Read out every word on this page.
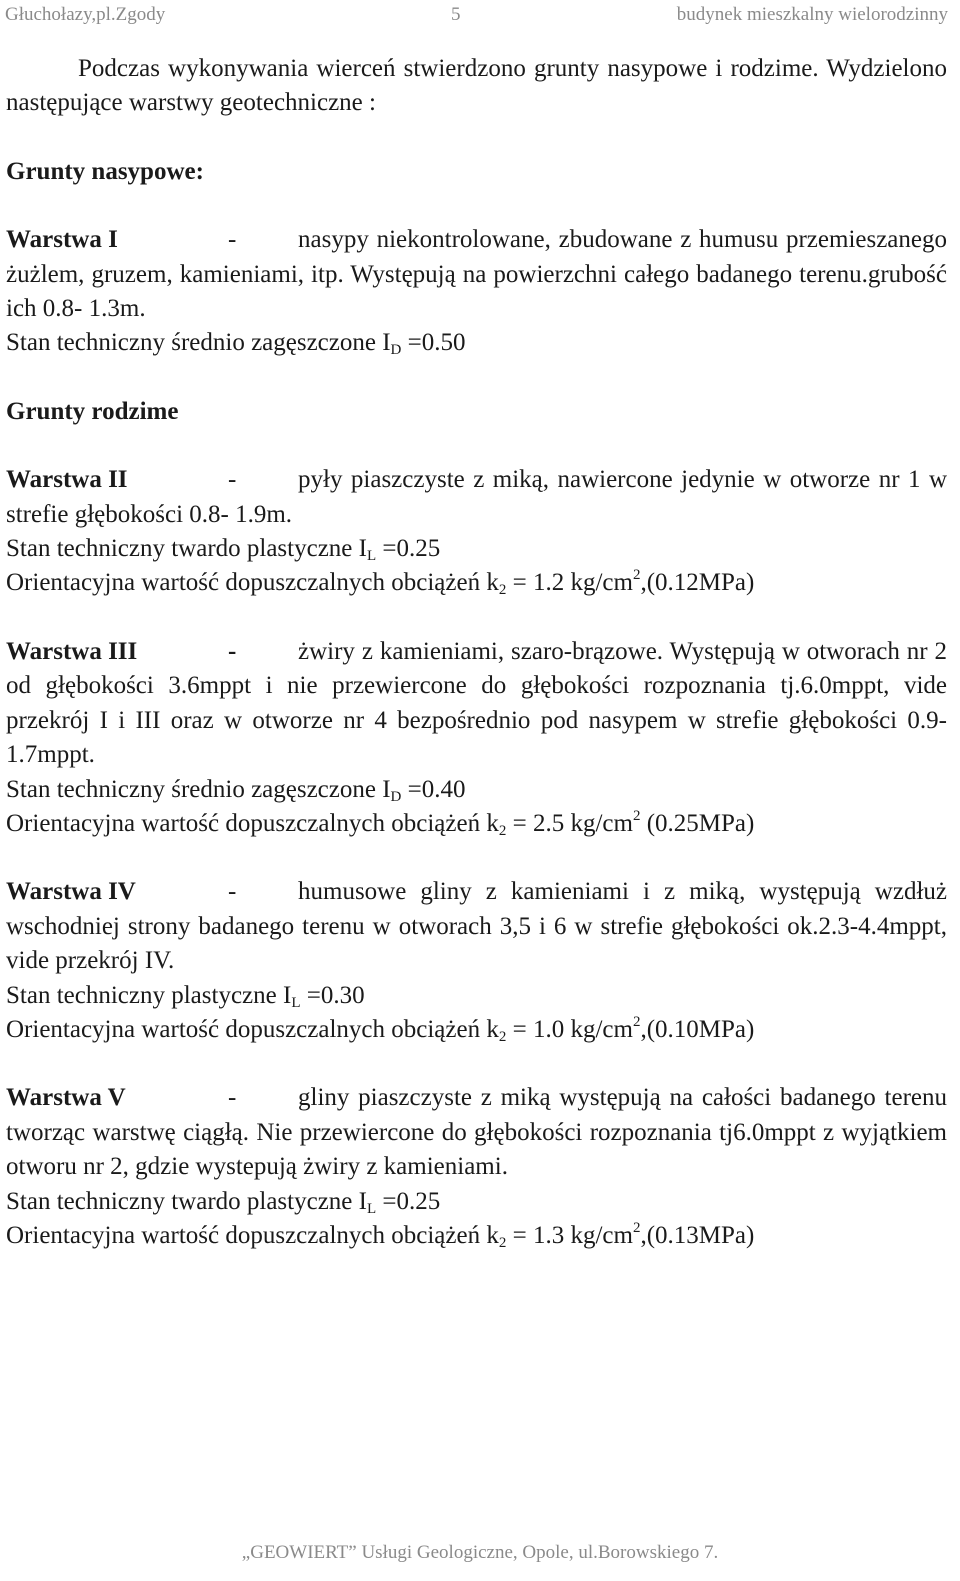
Głuchołazy,pl.Zgody	5	budynek mieszkalny wielorodzinny

Podczas wykonywania wierceń stwierdzono grunty nasypowe i rodzime. Wydzielono następujące warstwy geotechniczne :

Grunty nasypowe:

Warstwa I	- nasypy niekontrolowane, zbudowane z humusu przemieszanego żużlem, gruzem, kamieniami, itp. Występują na powierzchni całego badanego terenu.grubość ich 0.8- 1.3m.

Stan techniczny średnio zagęszczone $I_D =0.50$

Grunty rodzime

Warstwa II	- pyły piaszczyste z miką, nawiercone jedynie w otworze nr 1 w strefie głębokości 0.8- 1.9m.

Stan techniczny twardo plastyczne $I_L =0.25$

Orientacyjna wartość dopuszczalnych obciążeń $k_2 = 1.2$ $kg/cm^2,(0.12MPa)$

Warstwa III	- żwiry z kamieniami, szaro-brązowe. Występują w otworach nr 2 od głębokości 3.6mppt i nie przewiercone do głębokości rozpoznania tj.6.0mppt, vide przekrój I i III oraz w otworze nr 4 bezpośrednio pod nasypem w strefie głębokości 0.9-1.7mppt.

Stan techniczny średnio zagęszczone $I_D =0.40$

Orientacyjna wartość dopuszczalnych obciążeń $k_2 = 2.5$ $kg/cm^2$ (0.25MPa)

Warstwa IV	- humusowe gliny z kamieniami i z miką, występują wzdłuż wschodniej strony badanego terenu w otworach 3,5 i 6 w strefie głębokości ok.2.3-4.4mppt, vide przekrój IV.

Stan techniczny plastyczne $I_L =0.30$

Orientacyjna wartość dopuszczalnych obciążeń $k_2 = 1.0$ $kg/cm^2,(0.10MPa)$

Warstwa V	- gliny piaszczyste z miką występują na całości badanego terenu tworząc warstwę ciągłą. Nie przewiercone do głębokości rozpoznania tj6.0mppt z wyjątkiem otworu nr 2, gdzie wystepują żwiry z kamieniami.

Stan techniczny twardo plastyczne $I_L =0.25$

Orientacyjna wartość dopuszczalnych obciążeń $k_2 = 1.3$ $kg/cm^2,(0.13MPa)$

„GEOWIERT” Usługi Geologiczne, Opole, ul.Borowskiego 7.
